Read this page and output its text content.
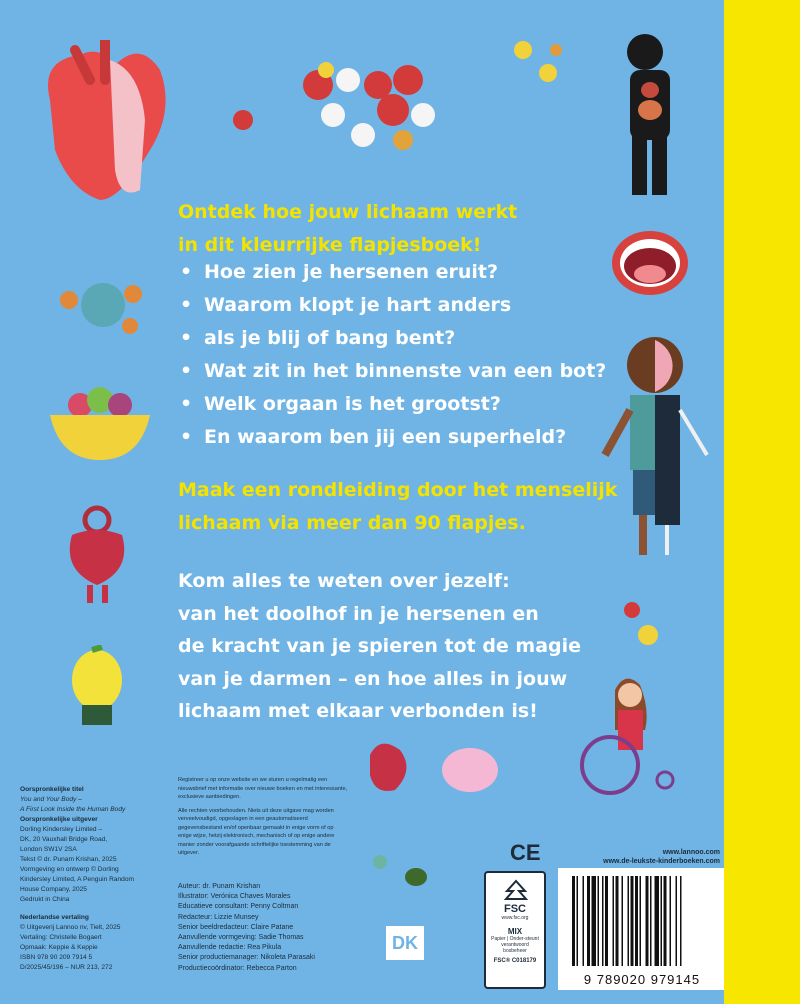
Ontdek hoe jouw lichaam werkt
in dit kleurrijke flapjesboek!
• Hoe zien je hersenen eruit?
• Waarom klopt je hart anders
• als je blij of bang bent?
• Wat zit in het binnenste van een bot?
• Welk orgaan is het grootst?
• En waarom ben jij een superheld?
Maak een rondleiding door het menselijk
lichaam via meer dan 90 flapjes.
Kom alles te weten over jezelf:
van het doolhof in je hersenen en
de kracht van je spieren tot de magie
van je darmen – en hoe alles in jouw
lichaam met elkaar verbonden is!
Oorspronkelijke titel
You and Your Body –
A First Look Inside the Human Body
Oorspronkelijke uitgever
Dorling Kindersley Limited –
DK, 20 Vauxhall Bridge Road,
London SW1V 2SA
Tekst © dr. Punam Krishan, 2025
Vormgeving en ontwerp © Dorling
Kindersley Limited, A Penguin Random
House Company, 2025
Gedrukt in China
Nederlandse vertaling
© Uitgeverij Lannoo nv, Tielt, 2025
Vertaling: Christelle Bogaert
Opmaak: Keppie & Keppie
ISBN 978 90 209 7914 5
D/2025/45/196 – NUR 213, 272

Registreer u op onze website en we sturen u regelmatig een nieuwsbrief met informatie over nieuwe boeken en met interessante, exclusieve aanbiedingen.

Alle rechten voorbehouden. Niets uit deze uitgave mag worden verveelvoudigd, opgeslagen in een geautomatiseerd gegevensbestand en/of openbaar gemaakt in enige vorm of op enige wijze, hetzij elektronisch, mechanisch of op enige andere manier zonder voorafgaande schriftelijke toestemming van de uitgever.

Auteur: dr. Punam Krishan
Illustrator: Verónica Chaves Morales
Educatieve consultant: Penny Coltman
Redacteur: Lizzie Munsey
Senior beeldredacteur: Claire Patane
Aanvullende vormgeving: Sadie Thomas
Aanvullende redactie: Rea Pikula
Senior productiemanager: Nikoleta Parasaki
Productiecoördinator: Rebecca Parton
DK
CE
FSC
www.fsc.org
MIX
Papier | Onder-steunt verantwoord bosbeheer
FSC® C018179
www.lannoo.com
www.de-leukste-kinderboeken.com
9 789020 979145
